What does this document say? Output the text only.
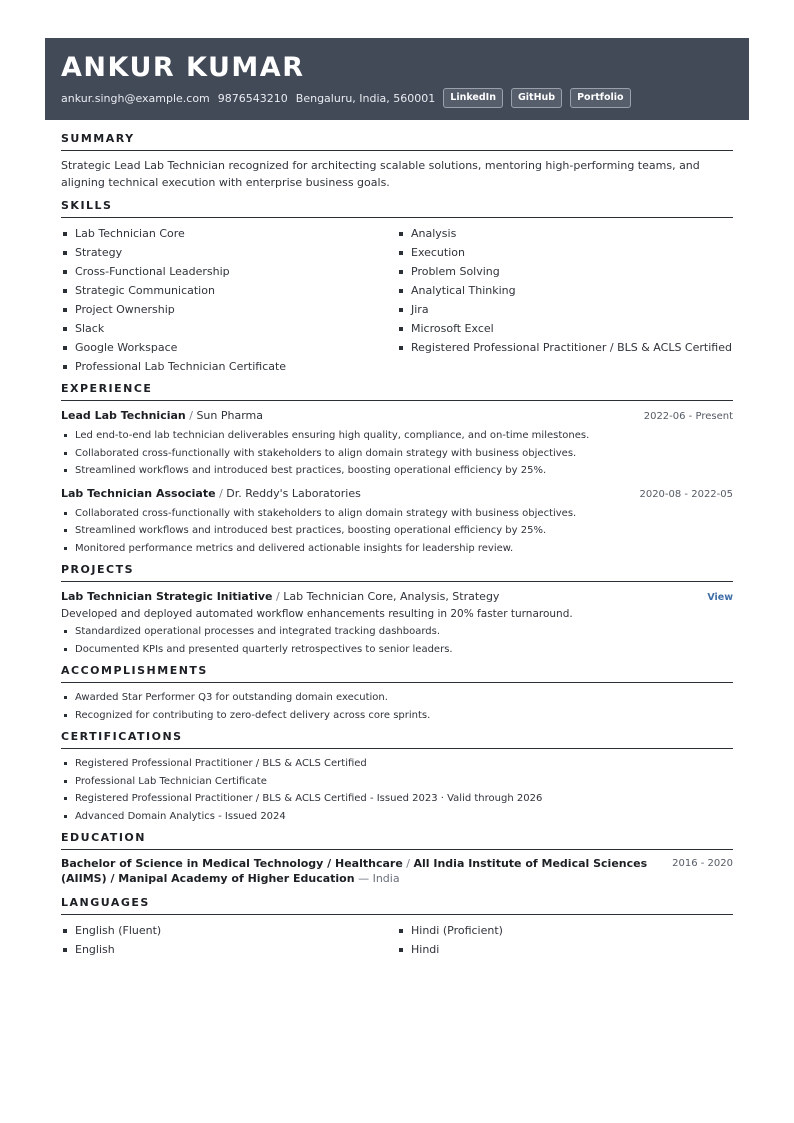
ANKUR KUMAR
ankur.singh@example.com 9876543210 Bengaluru, India, 560001	LinkedIn	GitHub	Portfolio
SUMMARY
Strategic Lead Lab Technician recognized for architecting scalable solutions, mentoring high-performing teams, and aligning technical execution with enterprise business goals.
SKILLS
Lab Technician Core
Strategy
Cross-Functional Leadership
Strategic Communication
Project Ownership
Slack
Google Workspace
Professional Lab Technician Certificate
Analysis
Execution
Problem Solving
Analytical Thinking
Jira
Microsoft Excel
Registered Professional Practitioner / BLS & ACLS Certified
EXPERIENCE
Lead Lab Technician / Sun Pharma	2022-06 - Present
Led end-to-end lab technician deliverables ensuring high quality, compliance, and on-time milestones.
Collaborated cross-functionally with stakeholders to align domain strategy with business objectives.
Streamlined workflows and introduced best practices, boosting operational efficiency by 25%.
Lab Technician Associate / Dr. Reddy's Laboratories	2020-08 - 2022-05
Collaborated cross-functionally with stakeholders to align domain strategy with business objectives.
Streamlined workflows and introduced best practices, boosting operational efficiency by 25%.
Monitored performance metrics and delivered actionable insights for leadership review.
PROJECTS
Lab Technician Strategic Initiative / Lab Technician Core, Analysis, Strategy	View
Developed and deployed automated workflow enhancements resulting in 20% faster turnaround.
Standardized operational processes and integrated tracking dashboards.
Documented KPIs and presented quarterly retrospectives to senior leaders.
ACCOMPLISHMENTS
Awarded Star Performer Q3 for outstanding domain execution.
Recognized for contributing to zero-defect delivery across core sprints.
CERTIFICATIONS
Registered Professional Practitioner / BLS & ACLS Certified
Professional Lab Technician Certificate
Registered Professional Practitioner / BLS & ACLS Certified - Issued 2023 · Valid through 2026
Advanced Domain Analytics - Issued 2024
EDUCATION
Bachelor of Science in Medical Technology / Healthcare / All India Institute of Medical Sciences (AIIMS) / Manipal Academy of Higher Education — India
2016 - 2020
LANGUAGES
English (Fluent)
English
Hindi (Proficient)
Hindi
